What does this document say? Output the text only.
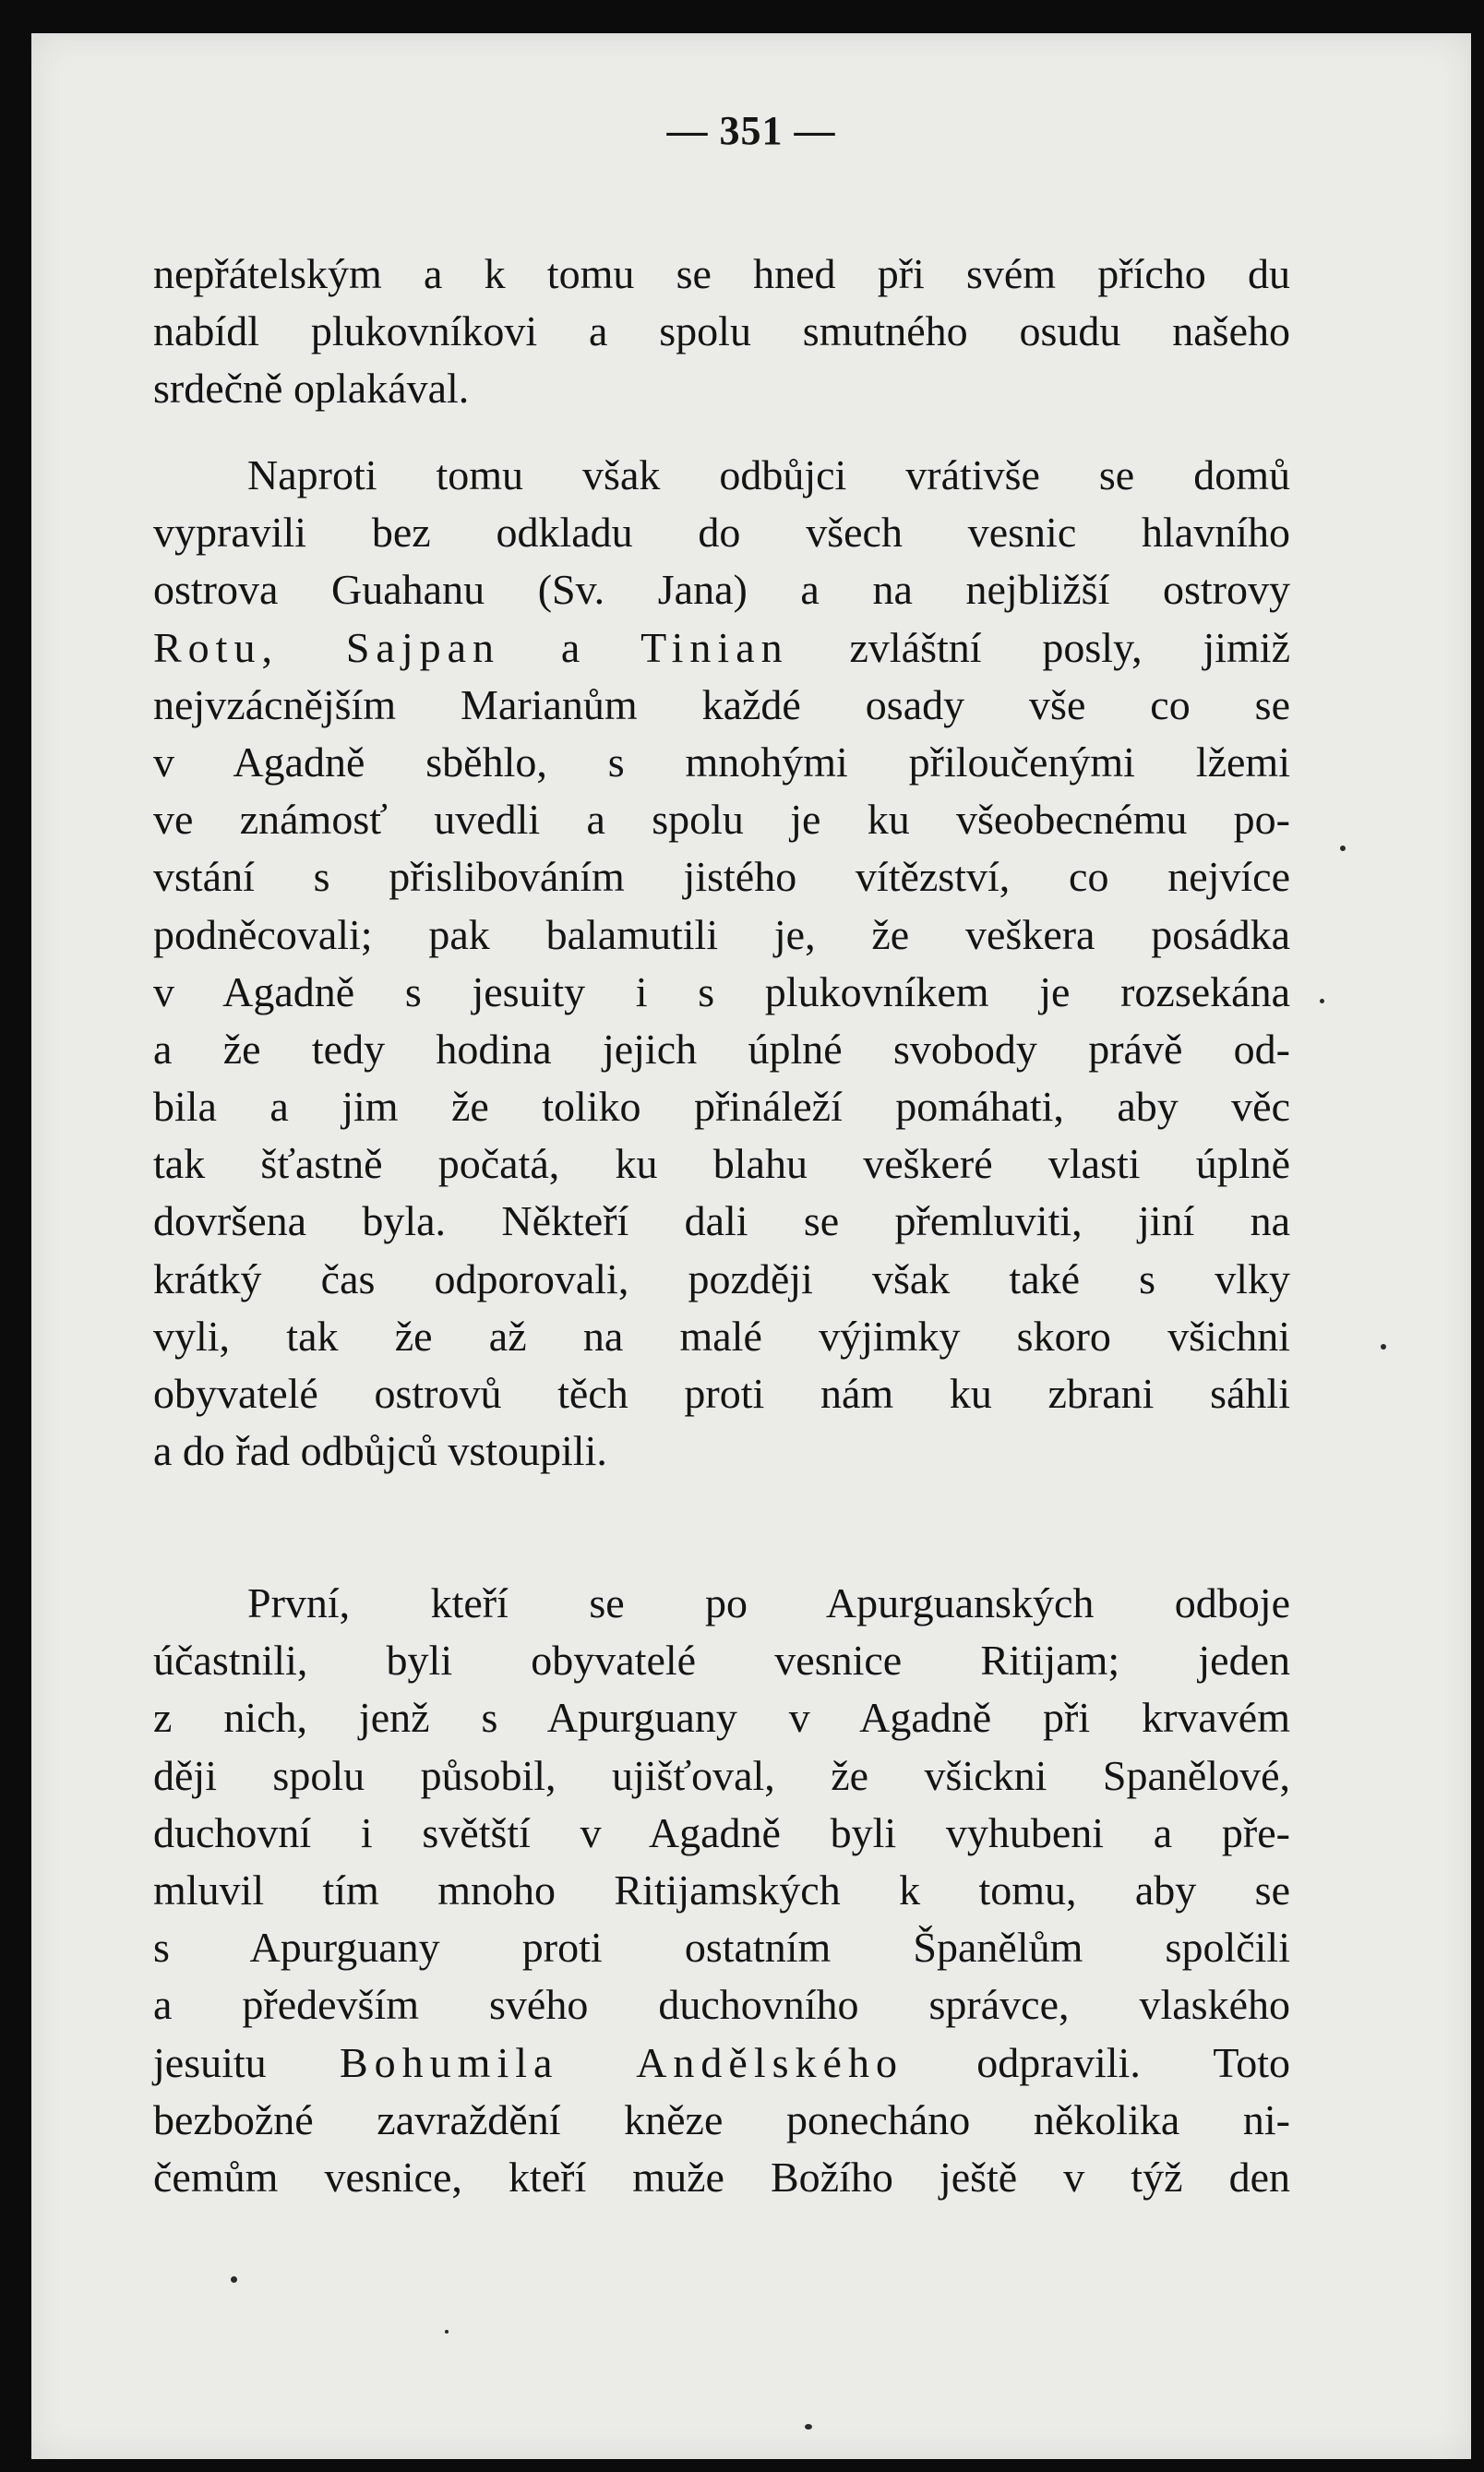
— 351 —
nepřátelským a k tomu se hned při svém přícho du
nabídl plukovníkovi a spolu smutného osudu našeho
srdečně oplakával.
Naproti tomu však odbůjci vrátivše se domů
vypravili bez odkladu do všech vesnic hlavního
ostrova Guahanu (Sv. Jana) a na nejbližší ostrovy
Rotu, Sajpan a Tinian zvláštní posly, jimiž
nejvzácnějším Marianům každé osady vše co se
v Agadně sběhlo, s mnohými přiloučenými lžemi
ve známosť uvedli a spolu je ku všeobecnému po-
vstání s přislibováním jistého vítězství, co nejvíce
podněcovali; pak balamutili je, že veškera posádka
v Agadně s jesuity i s plukovníkem je rozsekána
a že tedy hodina jejich úplné svobody právě od-
bila a jim že toliko přináleží pomáhati, aby věc
tak šťastně počatá, ku blahu veškeré vlasti úplně
dovršena byla. Někteří dali se přemluviti, jiní na
krátký čas odporovali, později však také s vlky
vyli, tak že až na malé výjimky skoro všichni
obyvatelé ostrovů těch proti nám ku zbrani sáhli
a do řad odbůjců vstoupili.
První, kteří se po Apurguanských odboje
účastnili, byli obyvatelé vesnice Ritijam; jeden
z nich, jenž s Apurguany v Agadně při krvavém
ději spolu působil, ujišťoval, že všickni Spanělové,
duchovní i světští v Agadně byli vyhubeni a pře-
mluvil tím mnoho Ritijamských k tomu, aby se
s Apurguany proti ostatním Španělům spolčili
a především svého duchovního správce, vlaského
jesuitu Bohumila Andělského odpravili. Toto
bezbožné zavraždění kněze ponecháno několika ni-
čemům vesnice, kteří muže Božího ještě v týž den
